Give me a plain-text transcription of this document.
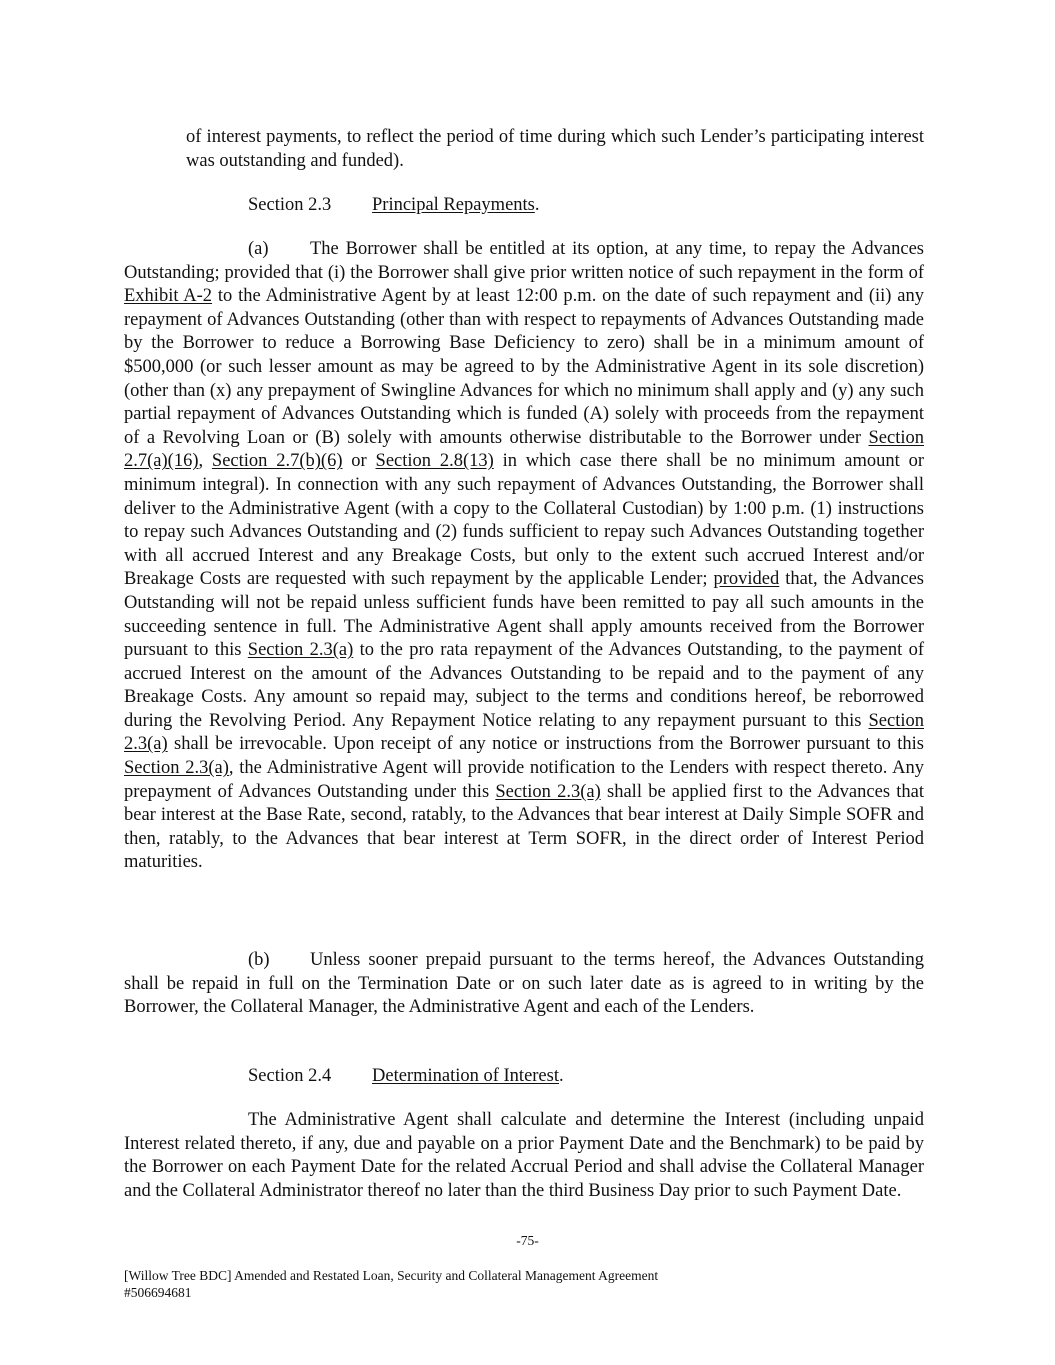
of interest payments, to reflect the period of time during which such Lender’s participating interest was outstanding and funded).

Section 2.3 Principal Repayments.

(a) The Borrower shall be entitled at its option, at any time, to repay the Advances Outstanding; provided that (i) the Borrower shall give prior written notice of such repayment in the form of Exhibit A-2 to the Administrative Agent by at least 12:00 p.m. on the date of such repayment and (ii) any repayment of Advances Outstanding (other than with respect to repayments of Advances Outstanding made by the Borrower to reduce a Borrowing Base Deficiency to zero) shall be in a minimum amount of $500,000 (or such lesser amount as may be agreed to by the Administrative Agent in its sole discretion) (other than (x) any prepayment of Swingline Advances for which no minimum shall apply and (y) any such partial repayment of Advances Outstanding which is funded (A) solely with proceeds from the repayment of a Revolving Loan or (B) solely with amounts otherwise distributable to the Borrower under Section 2.7(a)(16), Section 2.7(b)(6) or Section 2.8(13) in which case there shall be no minimum amount or minimum integral). In connection with any such repayment of Advances Outstanding, the Borrower shall deliver to the Administrative Agent (with a copy to the Collateral Custodian) by 1:00 p.m. (1) instructions to repay such Advances Outstanding and (2) funds sufficient to repay such Advances Outstanding together with all accrued Interest and any Breakage Costs, but only to the extent such accrued Interest and/or Breakage Costs are requested with such repayment by the applicable Lender; provided that, the Advances Outstanding will not be repaid unless sufficient funds have been remitted to pay all such amounts in the succeeding sentence in full. The Administrative Agent shall apply amounts received from the Borrower pursuant to this Section 2.3(a) to the pro rata repayment of the Advances Outstanding, to the payment of accrued Interest on the amount of the Advances Outstanding to be repaid and to the payment of any Breakage Costs. Any amount so repaid may, subject to the terms and conditions hereof, be reborrowed during the Revolving Period. Any Repayment Notice relating to any repayment pursuant to this Section 2.3(a) shall be irrevocable. Upon receipt of any notice or instructions from the Borrower pursuant to this Section 2.3(a), the Administrative Agent will provide notification to the Lenders with respect thereto. Any prepayment of Advances Outstanding under this Section 2.3(a) shall be applied first to the Advances that bear interest at the Base Rate, second, ratably, to the Advances that bear interest at Daily Simple SOFR and then, ratably, to the Advances that bear interest at Term SOFR, in the direct order of Interest Period maturities.

(b) Unless sooner prepaid pursuant to the terms hereof, the Advances Outstanding shall be repaid in full on the Termination Date or on such later date as is agreed to in writing by the Borrower, the Collateral Manager, the Administrative Agent and each of the Lenders.

Section 2.4 Determination of Interest.

The Administrative Agent shall calculate and determine the Interest (including unpaid Interest related thereto, if any, due and payable on a prior Payment Date and the Benchmark) to be paid by the Borrower on each Payment Date for the related Accrual Period and shall advise the Collateral Manager and the Collateral Administrator thereof no later than the third Business Day prior to such Payment Date.

-75-
[Willow Tree BDC] Amended and Restated Loan, Security and Collateral Management Agreement
#506694681
